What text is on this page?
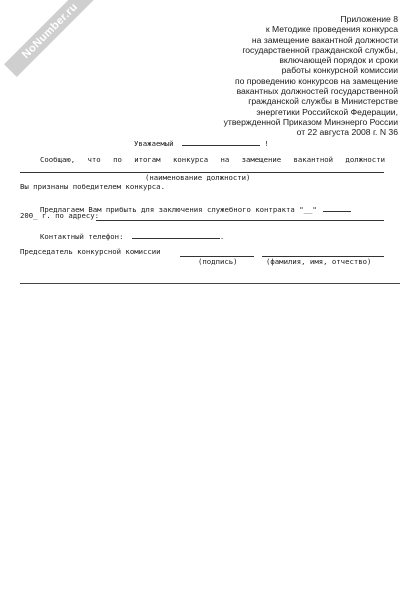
NoNumber.ru	Приложение 8
к Методике проведения конкурса
на замещение вакантной должности
государственной гражданской службы,
включающей порядок и сроки
работы конкурсной комиссии
по проведению конкурсов на замещение
вакантных должностей государственной
гражданской службы в Министерстве
энергетики Российской Федерации,
утвержденной Приказом Минэнерго России
от 22 августа 2008 г. N 36
Уважаемый	!
Сообщаю, что по итогам конкурса на замещение вакантной должности
(наименование должности)
Вы признаны победителем конкурса.
Предлагаем Вам прибыть для заключения служебного контракта "__"
200_ г. по адресу:
Контактный телефон:	.
Председатель конкурсной комиссии
(подпись)	(фамилия, имя, отчество)
